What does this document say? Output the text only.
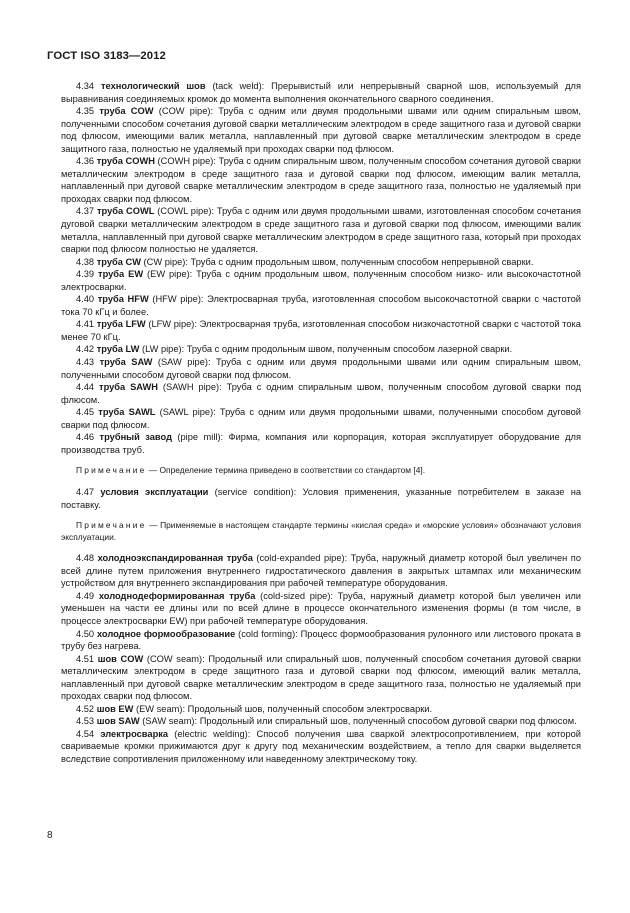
ГОСТ ISO 3183—2012

4.34 технологический шов (tack weld): Прерывистый или непрерывный сварной шов, используемый для выравнивания соединяемых кромок до момента выполнения окончательного сварного соединения.

4.35 труба COW (COW pipe): Труба с одним или двумя продольными швами или одним спиральным швом, полученными способом сочетания дуговой сварки металлическим электродом в среде защитного газа и дуговой сварки под флюсом, имеющими валик металла, наплавленный при дуговой сварке металлическим электродом в среде защитного газа, полностью не удаляемый при проходах сварки под флюсом.

4.36 труба COWH (COWH pipe): Труба с одним спиральным швом, полученным способом сочетания дуговой сварки металлическим электродом в среде защитного газа и дуговой сварки под флюсом, имеющим валик металла, наплавленный при дуговой сварке металлическим электродом в среде защитного газа, полностью не удаляемый при проходах сварки под флюсом.

4.37 труба COWL (COWL pipe): Труба с одним или двумя продольными швами, изготовленная способом сочетания дуговой сварки металлическим электродом в среде защитного газа и дуговой сварки под флюсом, имеющими валик металла, наплавленный при дуговой сварке металлическим электродом в среде защитного газа, который при проходах сварки под флюсом полностью не удаляется.

4.38 труба CW (CW pipe): Труба с одним продольным швом, полученным способом непрерывной сварки.

4.39 труба EW (EW pipe): Труба с одним продольным швом, полученным способом низко- или высокочастотной электросварки.

4.40 труба HFW (HFW pipe): Электросварная труба, изготовленная способом высокочастотной сварки с частотой тока 70 кГц и более.

4.41 труба LFW (LFW pipe): Электросварная труба, изготовленная способом низкочастотной сварки с частотой тока менее 70 кГц.

4.42 труба LW (LW pipe): Труба с одним продольным швом, полученным способом лазерной сварки.

4.43 труба SAW (SAW pipe): Труба с одним или двумя продольными швами или одним спиральным швом, полученными способом дуговой сварки под флюсом.

4.44 труба SAWH (SAWH pipe): Труба с одним спиральным швом, полученным способом дуговой сварки под флюсом.

4.45 труба SAWL (SAWL pipe): Труба с одним или двумя продольными швами, полученными способом дуговой сварки под флюсом.

4.46 трубный завод (pipe mill): Фирма, компания или корпорация, которая эксплуатирует оборудование для производства труб.

Примечание — Определение термина приведено в соответствии со стандартом [4].

4.47 условия эксплуатации (service condition): Условия применения, указанные потребителем в заказе на поставку.

Примечание — Применяемые в настоящем стандарте термины «кислая среда» и «морские условия» обозначают условия эксплуатации.

4.48 холодноэкспандированная труба (cold-expanded pipe): Труба, наружный диаметр которой был увеличен по всей длине путем приложения внутреннего гидростатического давления в закрытых штампах или механическим устройством для внутреннего экспандирования при рабочей температуре оборудования.

4.49 холоднодеформированная труба (cold-sized pipe): Труба, наружный диаметр которой был увеличен или уменьшен на части ее длины или по всей длине в процессе окончательного изменения формы (в том числе, в процессе электросварки EW) при рабочей температуре оборудования.

4.50 холодное формообразование (cold forming): Процесс формообразования рулонного или листового проката в трубу без нагрева.

4.51 шов COW (COW seam): Продольный или спиральный шов, полученный способом сочетания дуговой сварки металлическим электродом в среде защитного газа и дуговой сварки под флюсом, имеющий валик металла, наплавленный при дуговой сварке металлическим электродом в среде защитного газа, полностью не удаляемый при проходах сварки под флюсом.

4.52 шов EW (EW seam): Продольный шов, полученный способом электросварки.

4.53 шов SAW (SAW seam): Продольный или спиральный шов, полученный способом дуговой сварки под флюсом.

4.54 электросварка (electric welding): Способ получения шва сваркой электросопротивлением, при которой свариваемые кромки прижимаются друг к другу под механическим воздействием, а тепло для сварки выделяется вследствие сопротивления приложенному или наведенному электрическому току.

8
